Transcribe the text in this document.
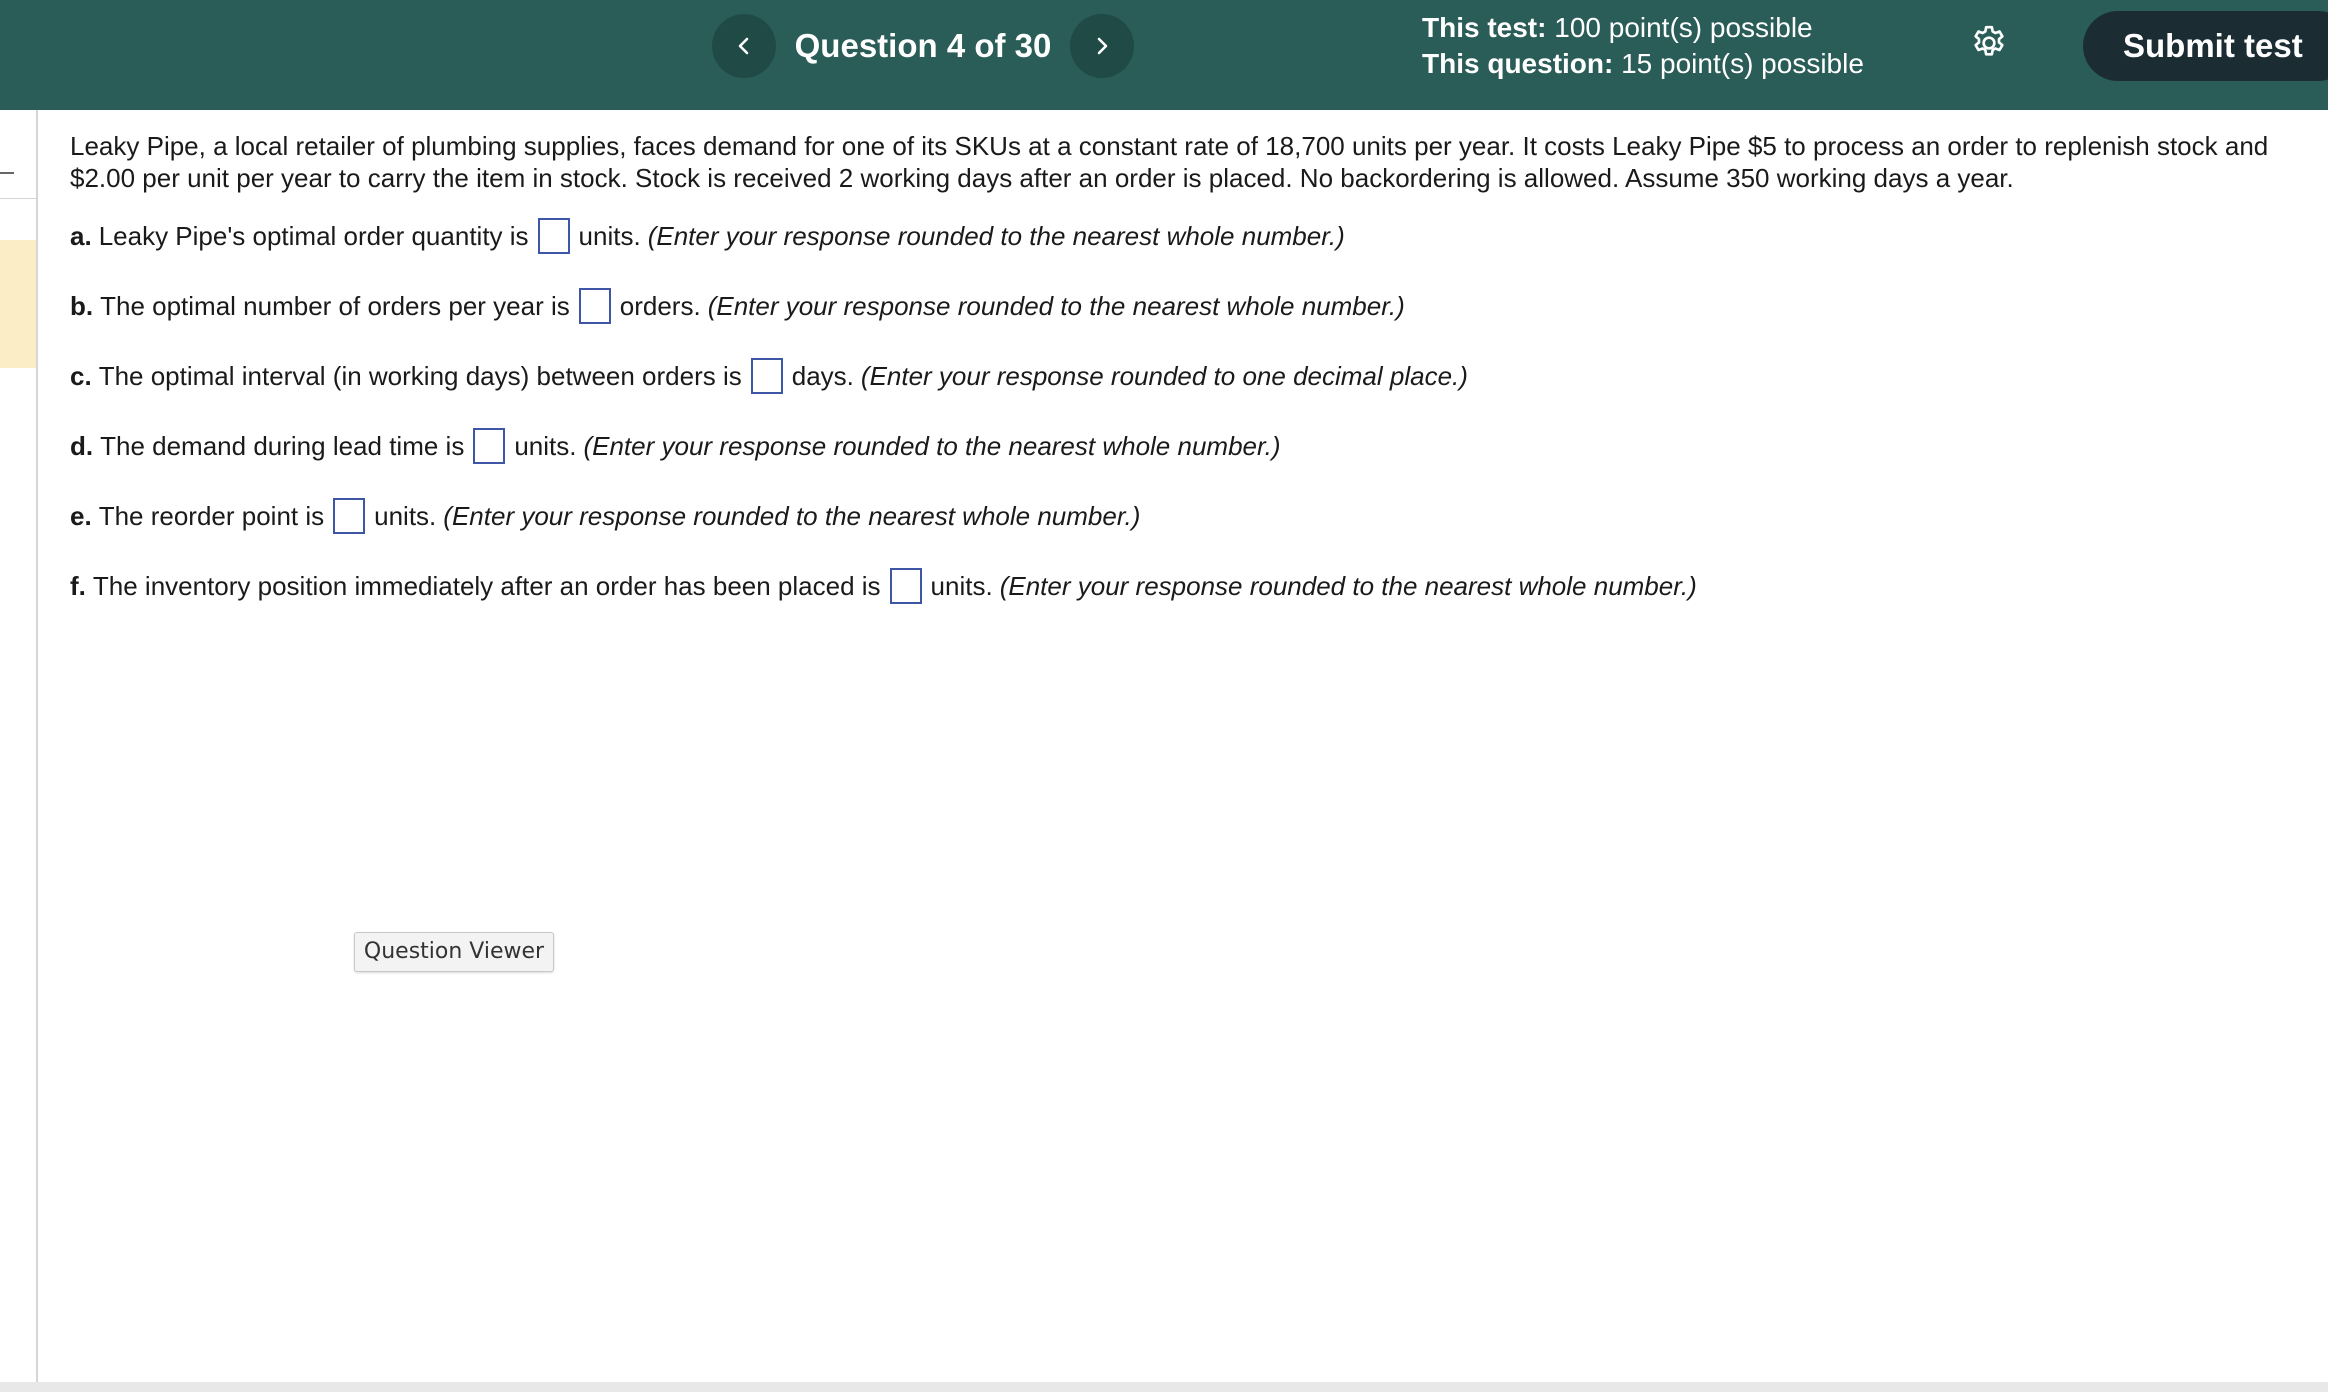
Question 4 of 30	This test: 100 point(s) possible
This question: 15 point(s) possible	Submit test

Leaky Pipe, a local retailer of plumbing supplies, faces demand for one of its SKUs at a constant rate of 18,700 units per year. It costs Leaky Pipe $5 to process an order to replenish stock and $2.00 per unit per year to carry the item in stock. Stock is received 2 working days after an order is placed. No backordering is allowed. Assume 350 working days a year.

a. Leaky Pipe's optimal order quantity is units. (Enter your response rounded to the nearest whole number.)
b. The optimal number of orders per year is orders. (Enter your response rounded to the nearest whole number.)
c. The optimal interval (in working days) between orders is days. (Enter your response rounded to one decimal place.)
d. The demand during lead time is units. (Enter your response rounded to the nearest whole number.)
e. The reorder point is units. (Enter your response rounded to the nearest whole number.)
f. The inventory position immediately after an order has been placed is units. (Enter your response rounded to the nearest whole number.)
Question Viewer
